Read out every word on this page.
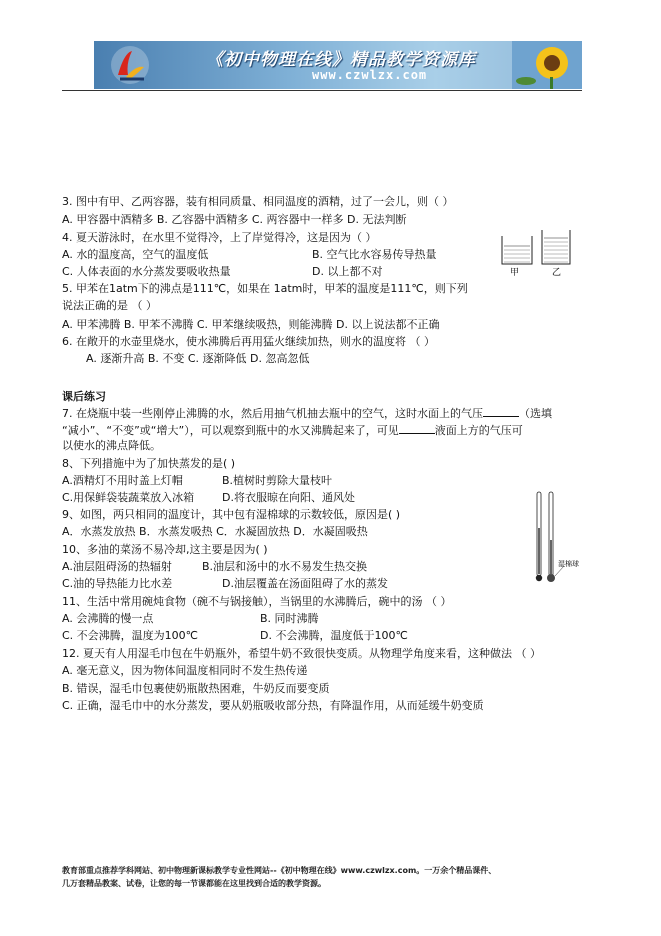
《初中物理在线》精品教学资源库
www.czwlzx.com
3. 图中有甲、乙两容器，装有相同质量、相同温度的酒精，过了一会儿，则（ ）
A. 甲容器中酒精多 B. 乙容器中酒精多 C. 两容器中一样多 D. 无法判断
4. 夏天游泳时，在水里不觉得冷，上了岸觉得冷，这是因为（ ）
A. 水的温度高，空气的温度低	B. 空气比水容易传导热量
C. 人体表面的水分蒸发要吸收热量	D. 以上都不对
5. 甲苯在1atm下的沸点是111℃，如果在 1atm时，甲苯的温度是111℃，则下列
说法正确的是 （ ）
A. 甲苯沸腾 B. 甲苯不沸腾 C. 甲苯继续吸热，则能沸腾 D. 以上说法都不正确
6. 在敞开的水壶里烧水，使水沸腾后再用猛火继续加热，则水的温度将 （ ）
A. 逐渐升高 B. 不变 C. 逐渐降低 D. 忽高忽低
甲	乙
课后练习
7. 在烧瓶中装一些刚停止沸腾的水，然后用抽气机抽去瓶中的空气，这时水面上的气压	（选填
“减小”、“不变”或“增大”），可以观察到瓶中的水又沸腾起来了，可见	液面上方的气压可
以使水的沸点降低。
8、下列措施中为了加快蒸发的是( )
A.酒精灯不用时盖上灯帽	B.植树时剪除大量枝叶
C.用保鲜袋装蔬菜放入冰箱	D.将衣服晾在向阳、通风处
9、如图，两只相同的温度计，其中包有湿棉球的示数较低，原因是( )
A．水蒸发放热 B．水蒸发吸热 C．水凝固放热 D．水凝固吸热
10、多油的菜汤不易冷却,这主要是因为( )
A.油层阻碍汤的热辐射	B.油层和汤中的水不易发生热交换
C.油的导热能力比水差	D.油层覆盖在汤面阻碍了水的蒸发
11、生活中常用碗炖食物（碗不与锅接触），当锅里的水沸腾后，碗中的汤 （ ）
A. 会沸腾的慢一点	B. 同时沸腾
C. 不会沸腾，温度为100℃	D. 不会沸腾，温度低于100℃
12. 夏天有人用湿毛巾包在牛奶瓶外，希望牛奶不致很快变质。从物理学角度来看，这种做法 （ ）
A. 毫无意义，因为物体间温度相同时不发生热传递
B. 错误，湿毛巾包裹使奶瓶散热困难，牛奶反而要变质
C. 正确，湿毛巾中的水分蒸发，要从奶瓶吸收部分热，有降温作用，从而延缓牛奶变质
湿棉球
教育部重点推荐学科网站、初中物理新课标教学专业性网站--《初中物理在线》www.czwlzx.com。一万余个精品课件、
几万套精品教案、试卷，让您的每一节课都能在这里找到合适的教学资源。
